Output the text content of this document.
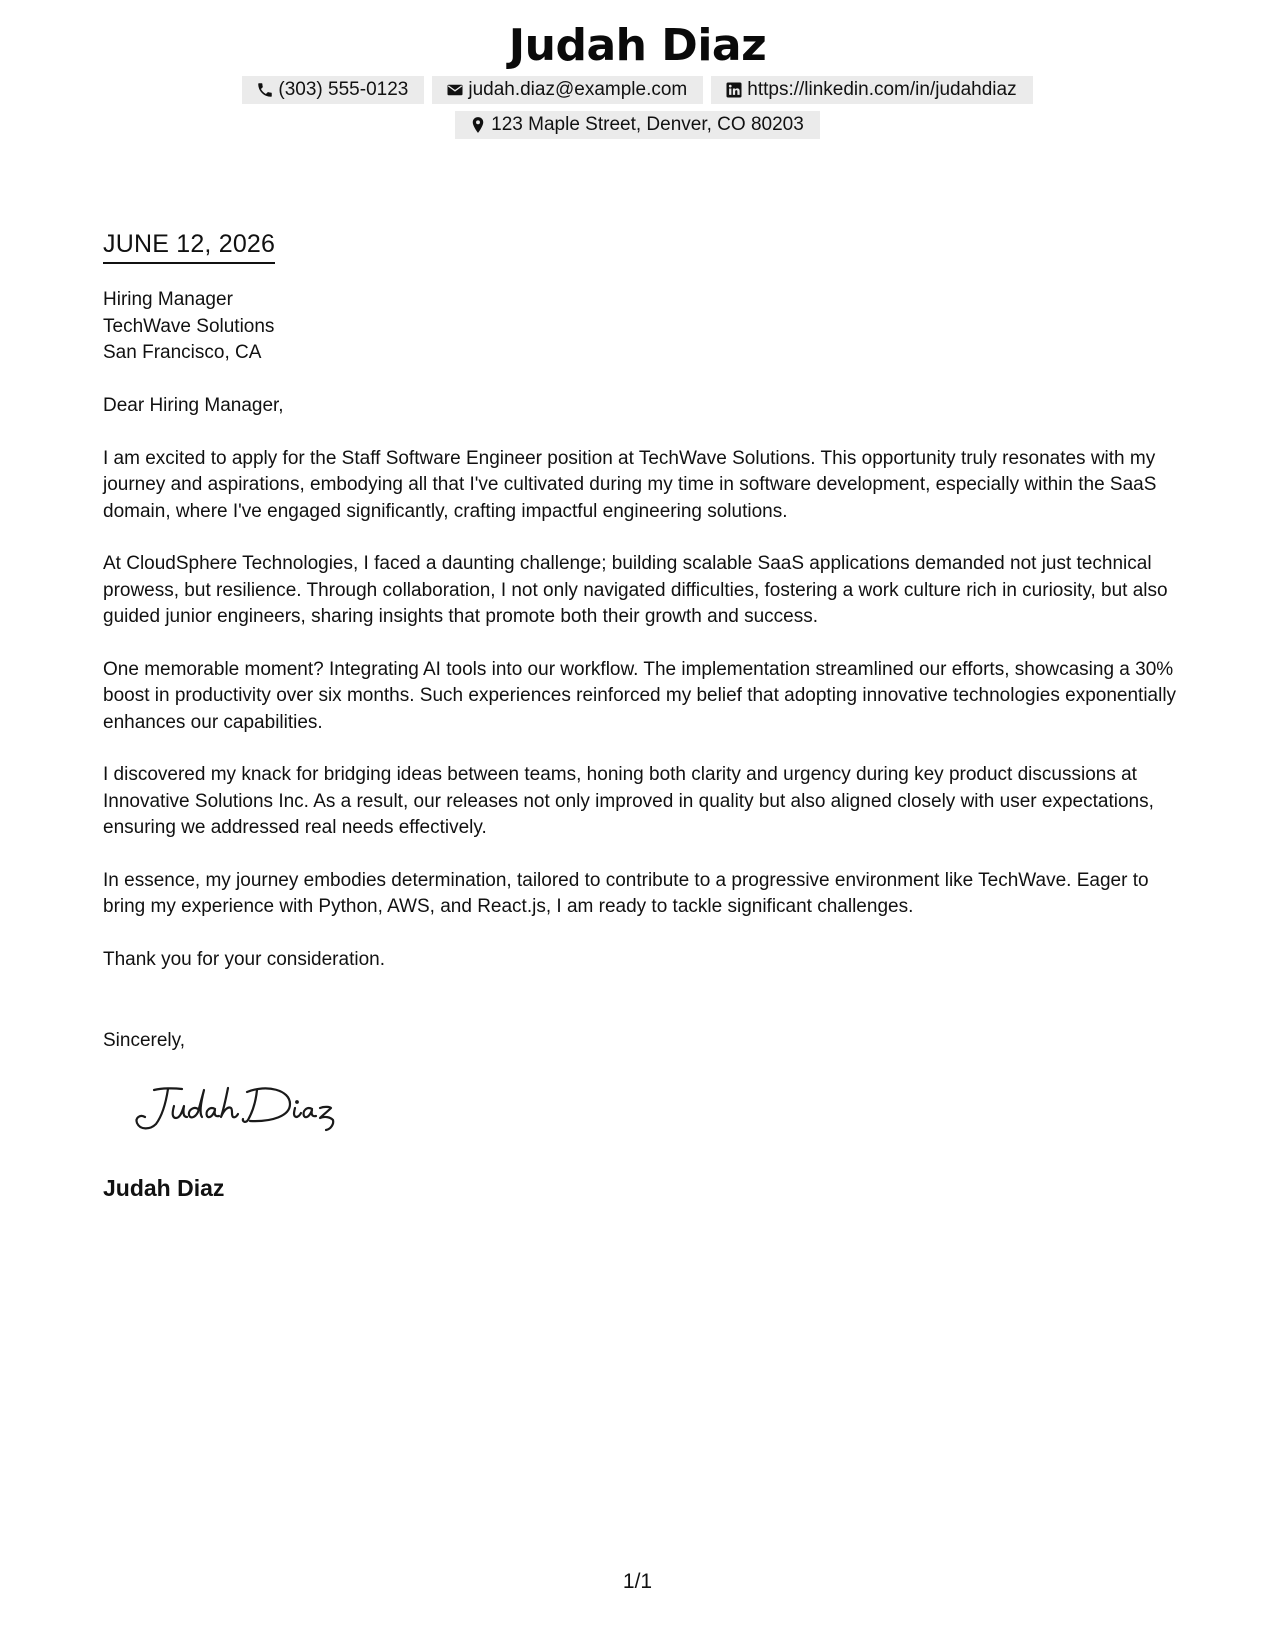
Judah Diaz
(303) 555-0123	judah.diaz@example.com	https://linkedin.com/in/judahdiaz
123 Maple Street, Denver, CO 80203
JUNE 12, 2026
Hiring Manager
TechWave Solutions
San Francisco, CA

Dear Hiring Manager,

I am excited to apply for the Staff Software Engineer position at TechWave Solutions. This opportunity truly resonates with my journey and aspirations, embodying all that I've cultivated during my time in software development, especially within the SaaS domain, where I've engaged significantly, crafting impactful engineering solutions.

At CloudSphere Technologies, I faced a daunting challenge; building scalable SaaS applications demanded not just technical prowess, but resilience. Through collaboration, I not only navigated difficulties, fostering a work culture rich in curiosity, but also guided junior engineers, sharing insights that promote both their growth and success.

One memorable moment? Integrating AI tools into our workflow. The implementation streamlined our efforts, showcasing a 30% boost in productivity over six months. Such experiences reinforced my belief that adopting innovative technologies exponentially enhances our capabilities.

I discovered my knack for bridging ideas between teams, honing both clarity and urgency during key product discussions at Innovative Solutions Inc. As a result, our releases not only improved in quality but also aligned closely with user expectations, ensuring we addressed real needs effectively.

In essence, my journey embodies determination, tailored to contribute to a progressive environment like TechWave. Eager to bring my experience with Python, AWS, and React.js, I am ready to tackle significant challenges.

Thank you for your consideration.

Sincerely,
Judah Diaz
1/1
